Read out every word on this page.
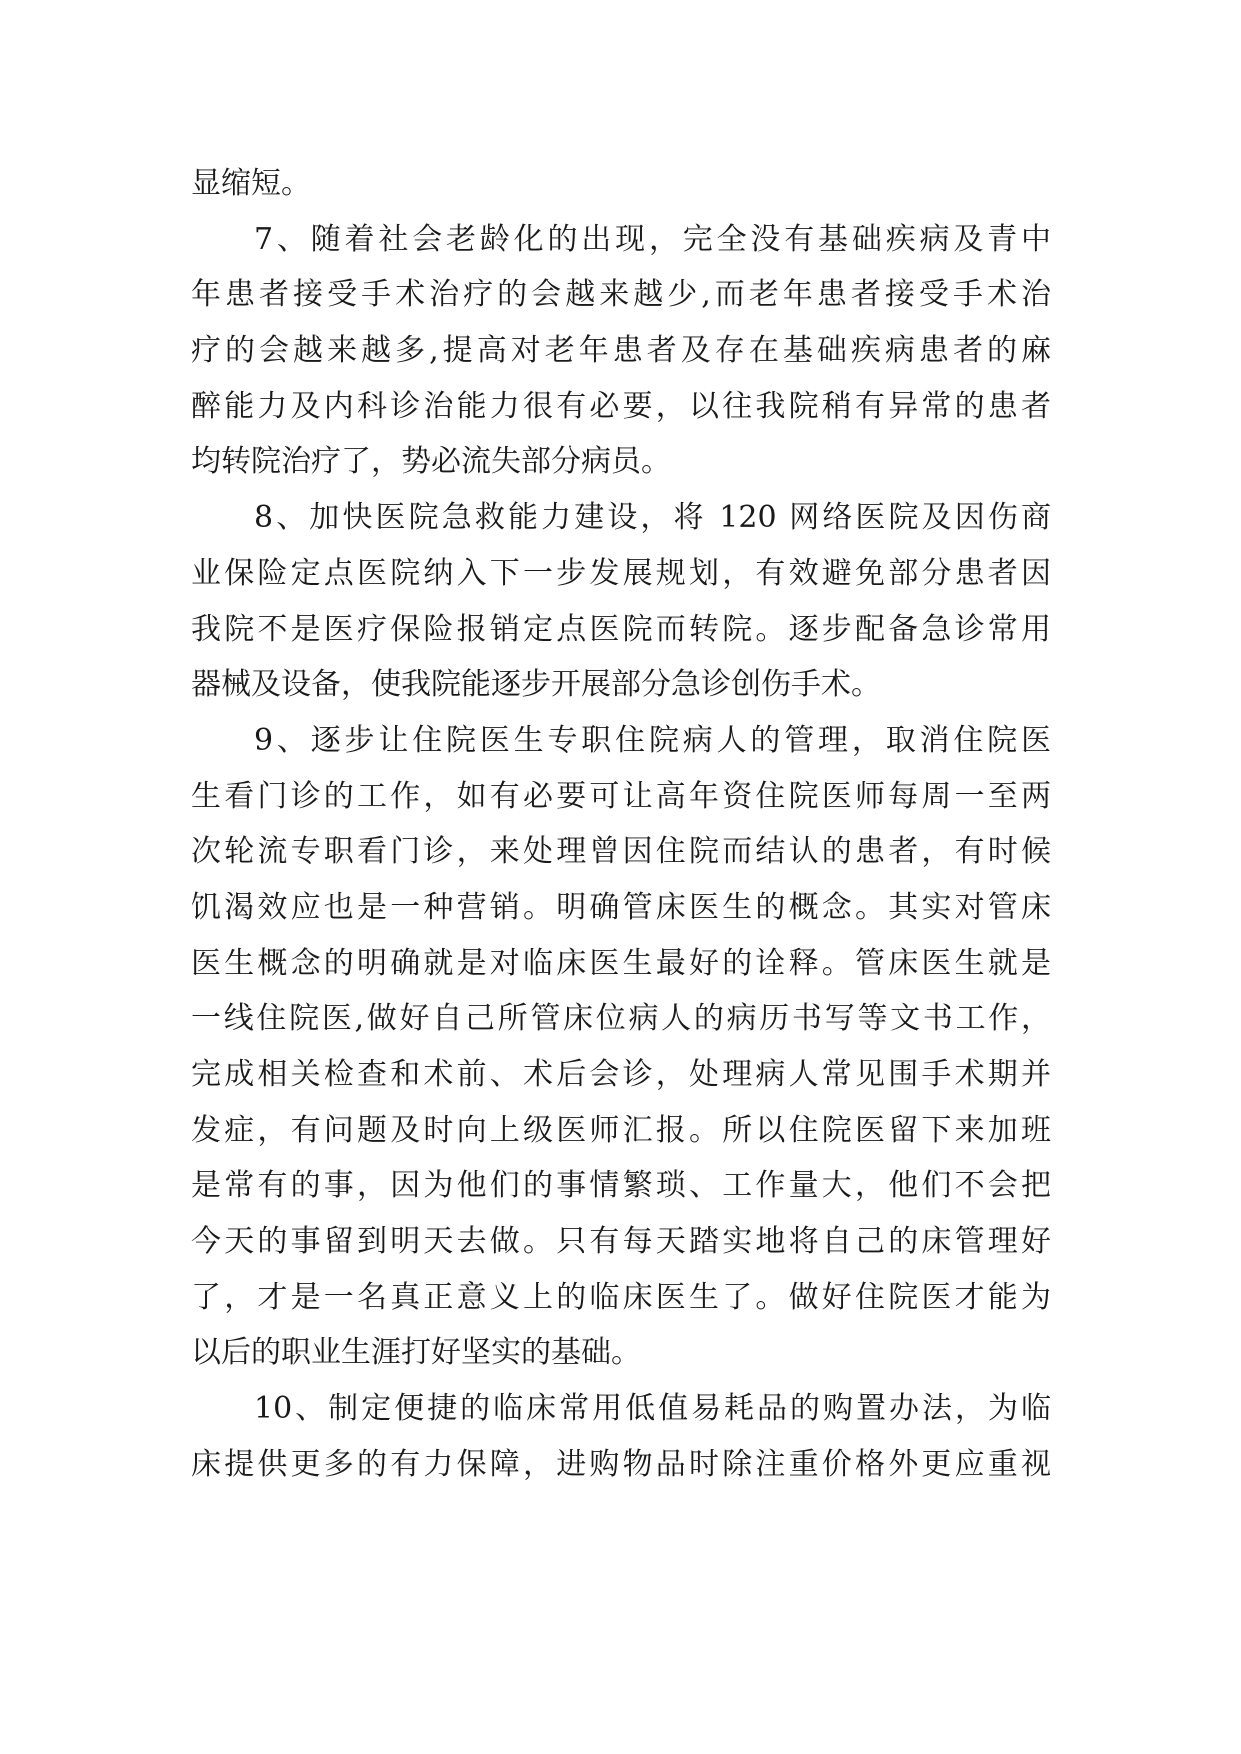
显缩短。
7、随着社会老龄化的出现，完全没有基础疾病及青中
年患者接受手术治疗的会越来越少,而老年患者接受手术治
疗的会越来越多,提高对老年患者及存在基础疾病患者的麻
醉能力及内科诊治能力很有必要，以往我院稍有异常的患者
均转院治疗了，势必流失部分病员。
8、加快医院急救能力建设，将 120 网络医院及因伤商
业保险定点医院纳入下一步发展规划，有效避免部分患者因
我院不是医疗保险报销定点医院而转院。逐步配备急诊常用
器械及设备，使我院能逐步开展部分急诊创伤手术。
9、逐步让住院医生专职住院病人的管理，取消住院医
生看门诊的工作，如有必要可让高年资住院医师每周一至两
次轮流专职看门诊，来处理曾因住院而结认的患者，有时候
饥渴效应也是一种营销。明确管床医生的概念。其实对管床
医生概念的明确就是对临床医生最好的诠释。管床医生就是
一线住院医,做好自己所管床位病人的病历书写等文书工作，
完成相关检查和术前、术后会诊，处理病人常见围手术期并
发症，有问题及时向上级医师汇报。所以住院医留下来加班
是常有的事，因为他们的事情繁琐、工作量大，他们不会把
今天的事留到明天去做。只有每天踏实地将自己的床管理好
了，才是一名真正意义上的临床医生了。做好住院医才能为
以后的职业生涯打好坚实的基础。
10、制定便捷的临床常用低值易耗品的购置办法，为临
床提供更多的有力保障，进购物品时除注重价格外更应重视
